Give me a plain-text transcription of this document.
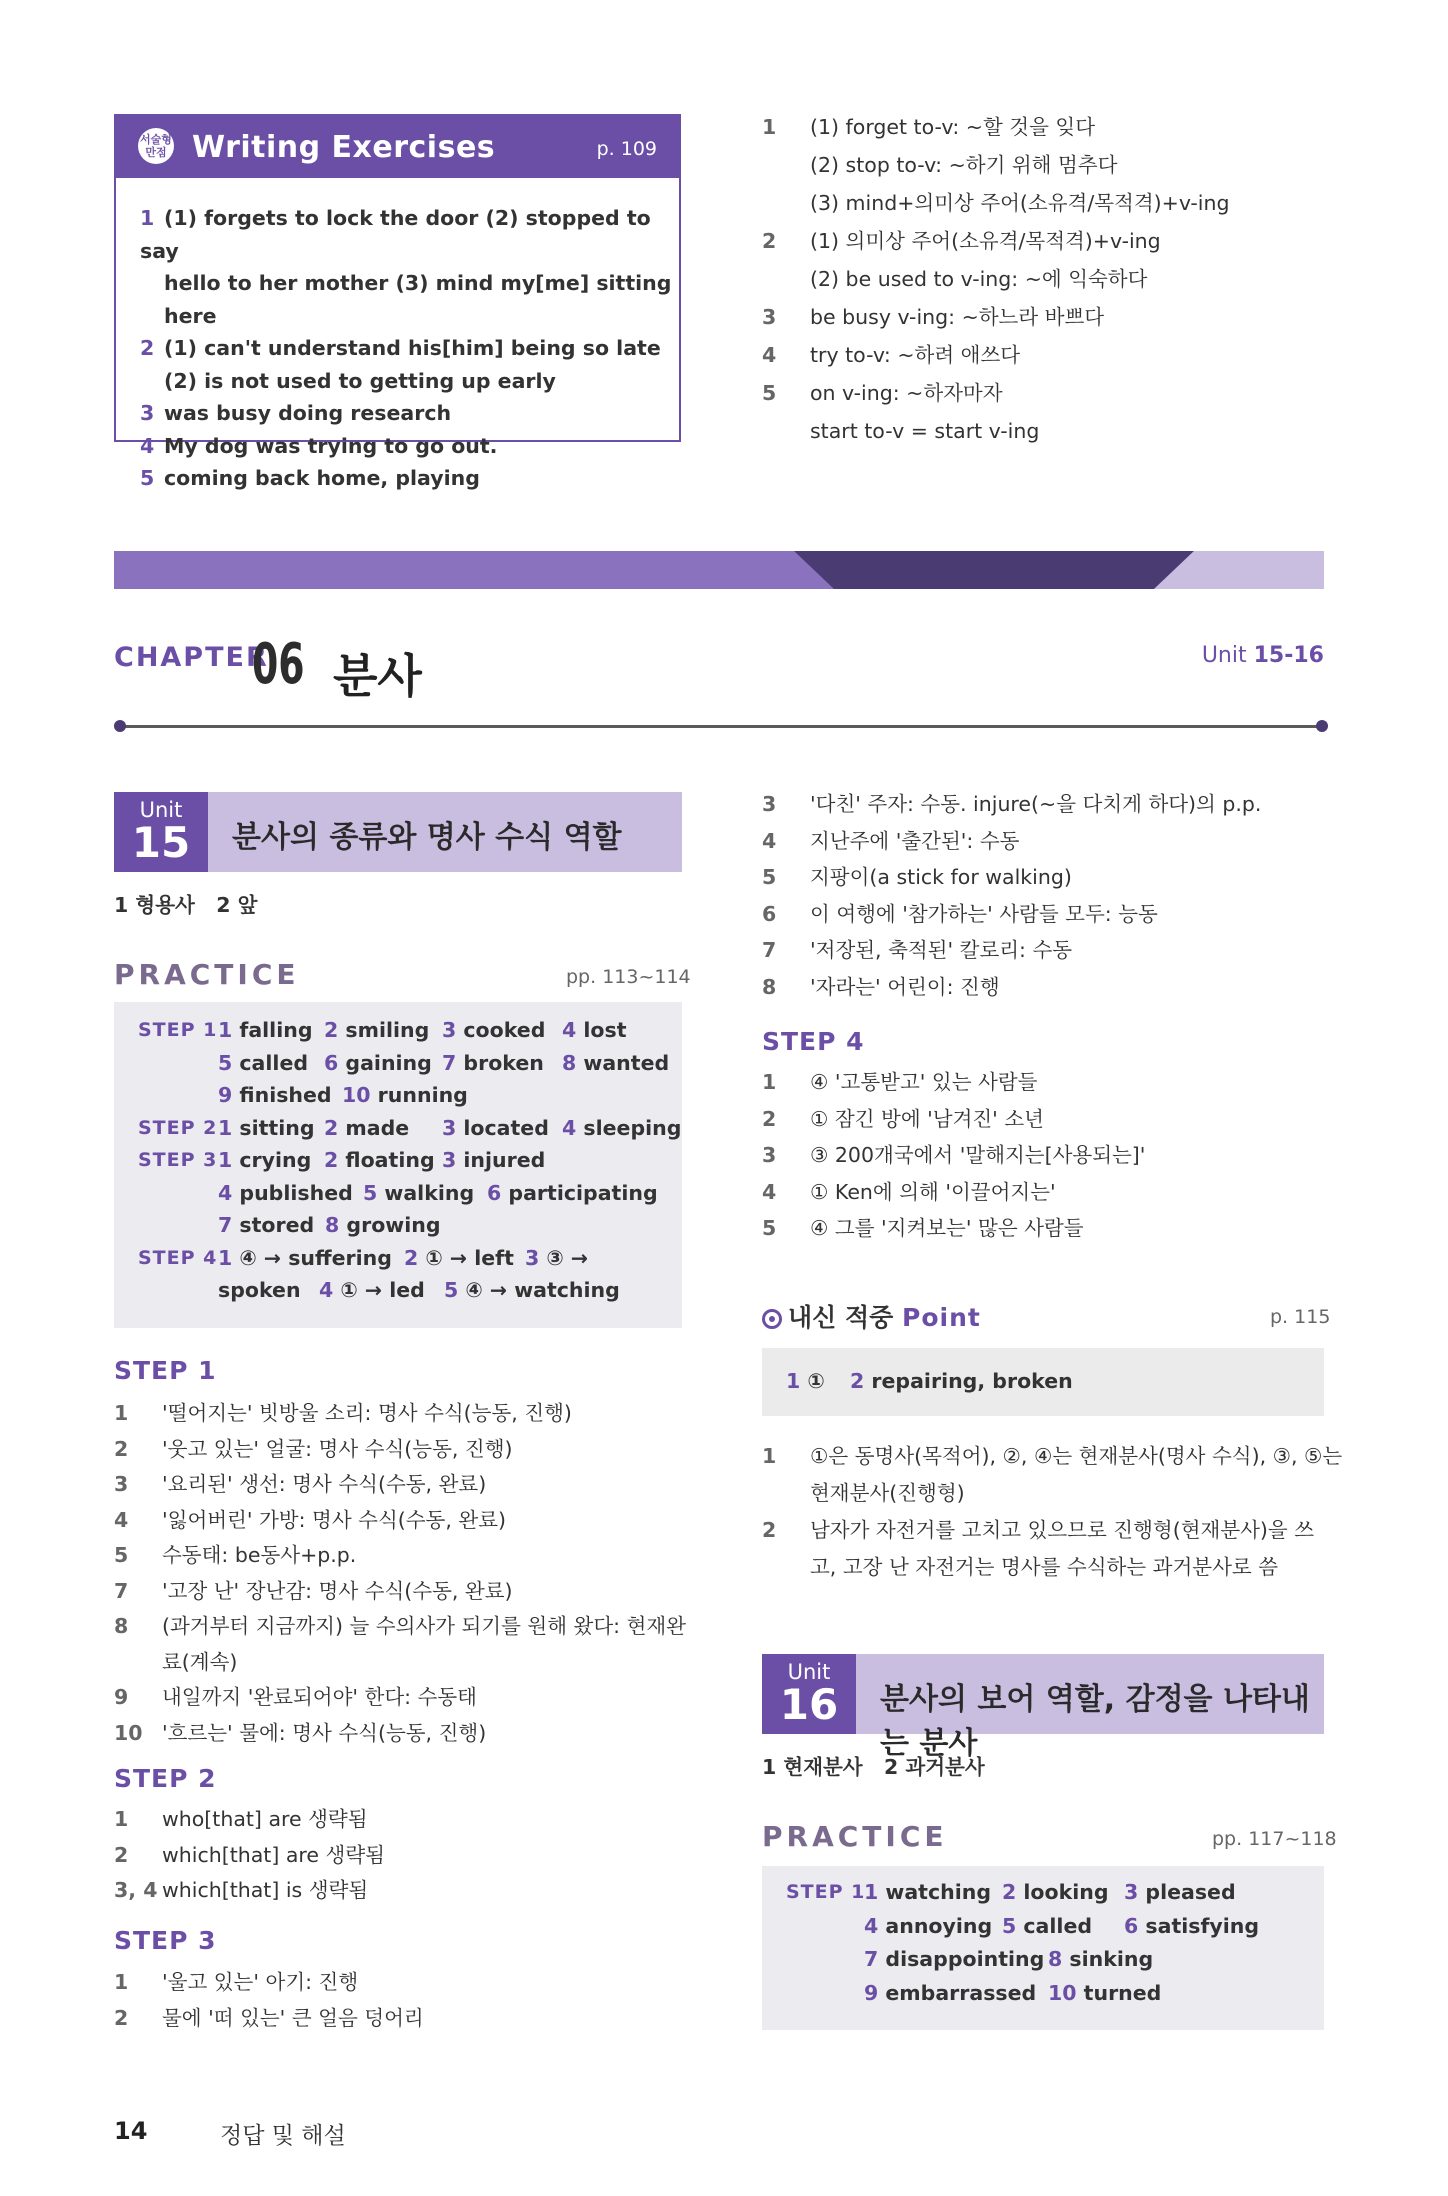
서술형
만점 Writing Exercises	p. 109
1 (1) forgets to lock the door (2) stopped to say
hello to her mother (3) mind my[me] sitting here
2 (1) can't understand his[him] being so late
(2) is not used to getting up early
3 was busy doing research
4 My dog was trying to go out.
5 coming back home, playing
1 (1) forget to-v: ~할 것을 잊다
(2) stop to-v: ~하기 위해 멈추다
(3) mind+의미상 주어(소유격/목적격)+v-ing
2 (1) 의미상 주어(소유격/목적격)+v-ing
(2) be used to v-ing: ~에 익숙하다
3 be busy v-ing: ~하느라 바쁘다
4 try to-v: ~하려 애쓰다
5 on v-ing: ~하자마자
start to-v = start v-ing
CHAPTER
06 분사	Unit 15-16
Unit
15	분사의 종류와 명사 수식 역할
1 형용사   2 앞
PRACTICE	pp. 113~114
STEP 1 1 falling 2 smiling 3 cooked 4 lost
5 called 6 gaining 7 broken 8 wanted
9 finished 10 running
STEP 2 1 sitting 2 made 3 located 4 sleeping
STEP 3 1 crying 2 floating 3 injured
4 published 5 walking 6 participating
7 stored 8 growing
STEP 4 1 ④ → suffering 2 ① → left 3 ③ →
spoken 4 ① → led 5 ④ → watching
STEP 1
1 '떨어지는' 빗방울 소리: 명사 수식(능동, 진행)
2 '웃고 있는' 얼굴: 명사 수식(능동, 진행)
3 '요리된' 생선: 명사 수식(수동, 완료)
4 '잃어버린' 가방: 명사 수식(수동, 완료)
5 수동태: be동사+p.p.
7 '고장 난' 장난감: 명사 수식(수동, 완료)
8 (과거부터 지금까지) 늘 수의사가 되기를 원해 왔다: 현재완
료(계속)
9 내일까지 '완료되어야' 한다: 수동태
10 '흐르는' 물에: 명사 수식(능동, 진행)
STEP 2
1 who[that] are 생략됨
2 which[that] are 생략됨
3, 4 which[that] is 생략됨
STEP 3
1 '울고 있는' 아기: 진행
2 물에 '떠 있는' 큰 얼음 덩어리
3 '다친' 주자: 수동. injure(~을 다치게 하다)의 p.p.
4 지난주에 '출간된': 수동
5 지팡이(a stick for walking)
6 이 여행에 '참가하는' 사람들 모두: 능동
7 '저장된, 축적된' 칼로리: 수동
8 '자라는' 어린이: 진행
STEP 4
1 ④ '고통받고' 있는 사람들
2 ① 잠긴 방에 '남겨진' 소년
3 ③ 200개국에서 '말해지는[사용되는]'
4 ① Ken에 의해 '이끌어지는'
5 ④ 그를 '지켜보는' 많은 사람들
내신 적중 Point	p. 115
1 ① 2 repairing, broken
1 ①은 동명사(목적어), ②, ④는 현재분사(명사 수식), ③, ⑤는
현재분사(진행형)
2 남자가 자전거를 고치고 있으므로 진행형(현재분사)을 쓰
고, 고장 난 자전거는 명사를 수식하는 과거분사로 씀
Unit
16	분사의 보어 역할, 감정을 나타내는 분사
1 현재분사   2 과거분사
PRACTICE	pp. 117~118
STEP 1
1 watching 2 looking 3 pleased
4 annoying 5 called 6 satisfying
7 disappointing 8 sinking
9 embarrassed 10 turned
14	정답 및 해설
